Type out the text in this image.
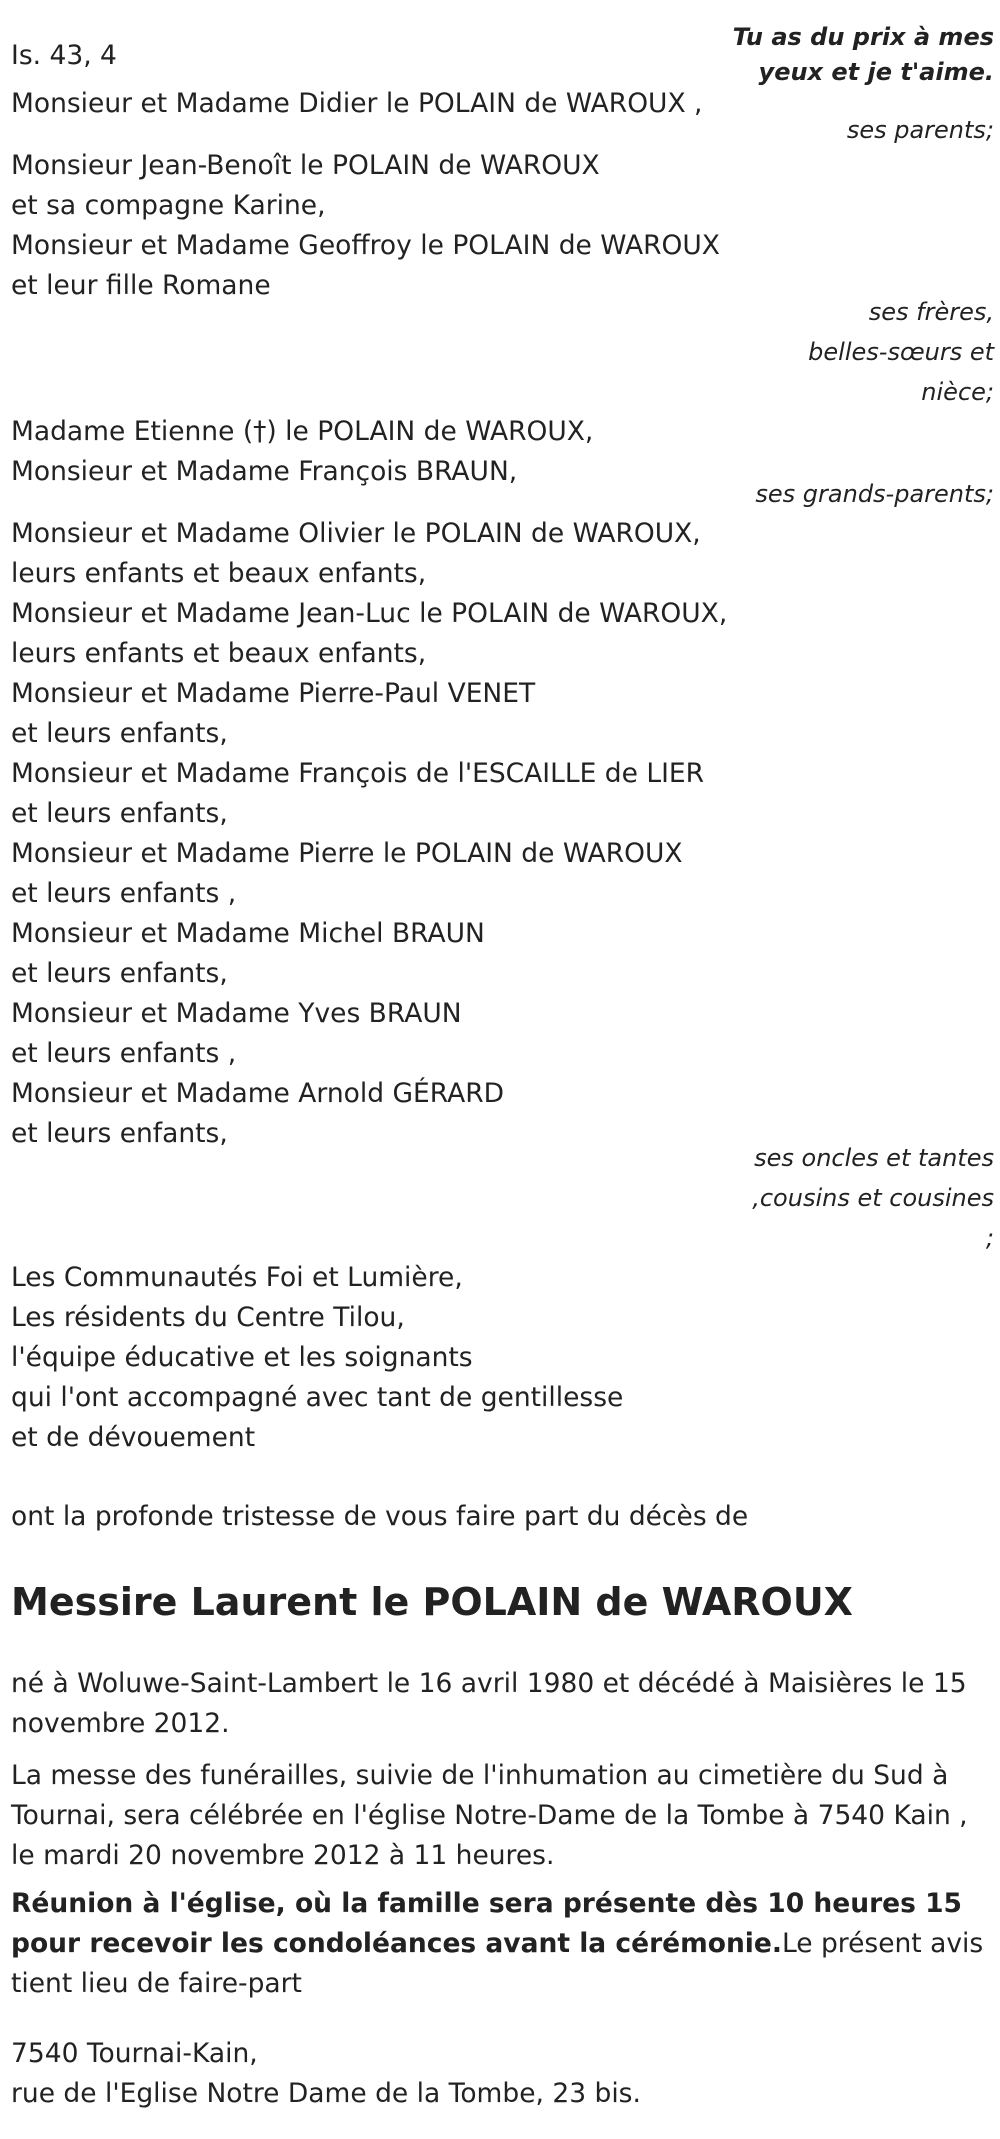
Is. 43, 4

Tu as du prix à mes
yeux et je t'aime.
Monsieur et Madame Didier le POLAIN de WAROUX ,
ses parents;
Monsieur Jean-Benoît le POLAIN de WAROUX
et sa compagne Karine,
Monsieur et Madame Geoffroy le POLAIN de WAROUX
et leur fille Romane
ses frères,
belles-sœurs et
nièce;
Madame Etienne (†) le POLAIN de WAROUX,
Monsieur et Madame François BRAUN,
ses grands-parents;
Monsieur et Madame Olivier le POLAIN de WAROUX,
leurs enfants et beaux enfants,
Monsieur et Madame Jean-Luc le POLAIN de WAROUX,
leurs enfants et beaux enfants,
Monsieur et Madame Pierre-Paul VENET
et leurs enfants,
Monsieur et Madame François de l'ESCAILLE de LIER
et leurs enfants,
Monsieur et Madame Pierre le POLAIN de WAROUX
et leurs enfants ,
Monsieur et Madame Michel BRAUN
et leurs enfants,
Monsieur et Madame Yves BRAUN
et leurs enfants ,
Monsieur et Madame Arnold GÉRARD
et leurs enfants,
ses oncles et tantes
,cousins et cousines
;
Les Communautés Foi et Lumière,
Les résidents du Centre Tilou,
l'équipe éducative et les soignants
qui l'ont accompagné avec tant de gentillesse
et de dévouement

ont la profonde tristesse de vous faire part du décès de

Messire Laurent le POLAIN de WAROUX

né à Woluwe-Saint-Lambert le 16 avril 1980 et décédé à Maisières le 15 novembre 2012.

La messe des funérailles, suivie de l'inhumation au cimetière du Sud à Tournai, sera célébrée en l'église Notre-Dame de la Tombe à 7540 Kain , le mardi 20 novembre 2012 à 11 heures.

Réunion à l'église, où la famille sera présente dès 10 heures 15 pour recevoir les condoléances avant la cérémonie.Le présent avis tient lieu de faire-part

7540 Tournai-Kain,
rue de l'Eglise Notre Dame de la Tombe, 23 bis.
